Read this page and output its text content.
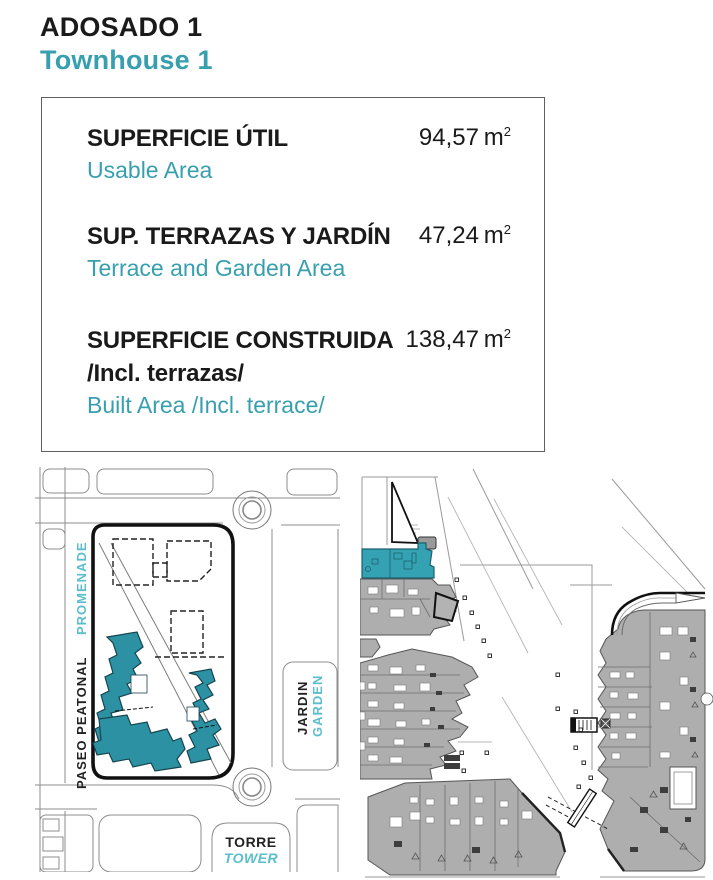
ADOSADO 1
Townhouse 1
SUPERFICIE ÚTIL
Usable Area
94,57  $m^2$
SUP. TERRAZAS Y JARDÍN
Terrace and Garden Area
47,24  $m^2$
SUPERFICIE CONSTRUIDA
/Incl. terrazas/
Built Area /Incl. terrace/
138,47  $m^2$
PROMENADE
PASEO PEATONAL	JARDIN GARDEN
TORRE
TOWER
